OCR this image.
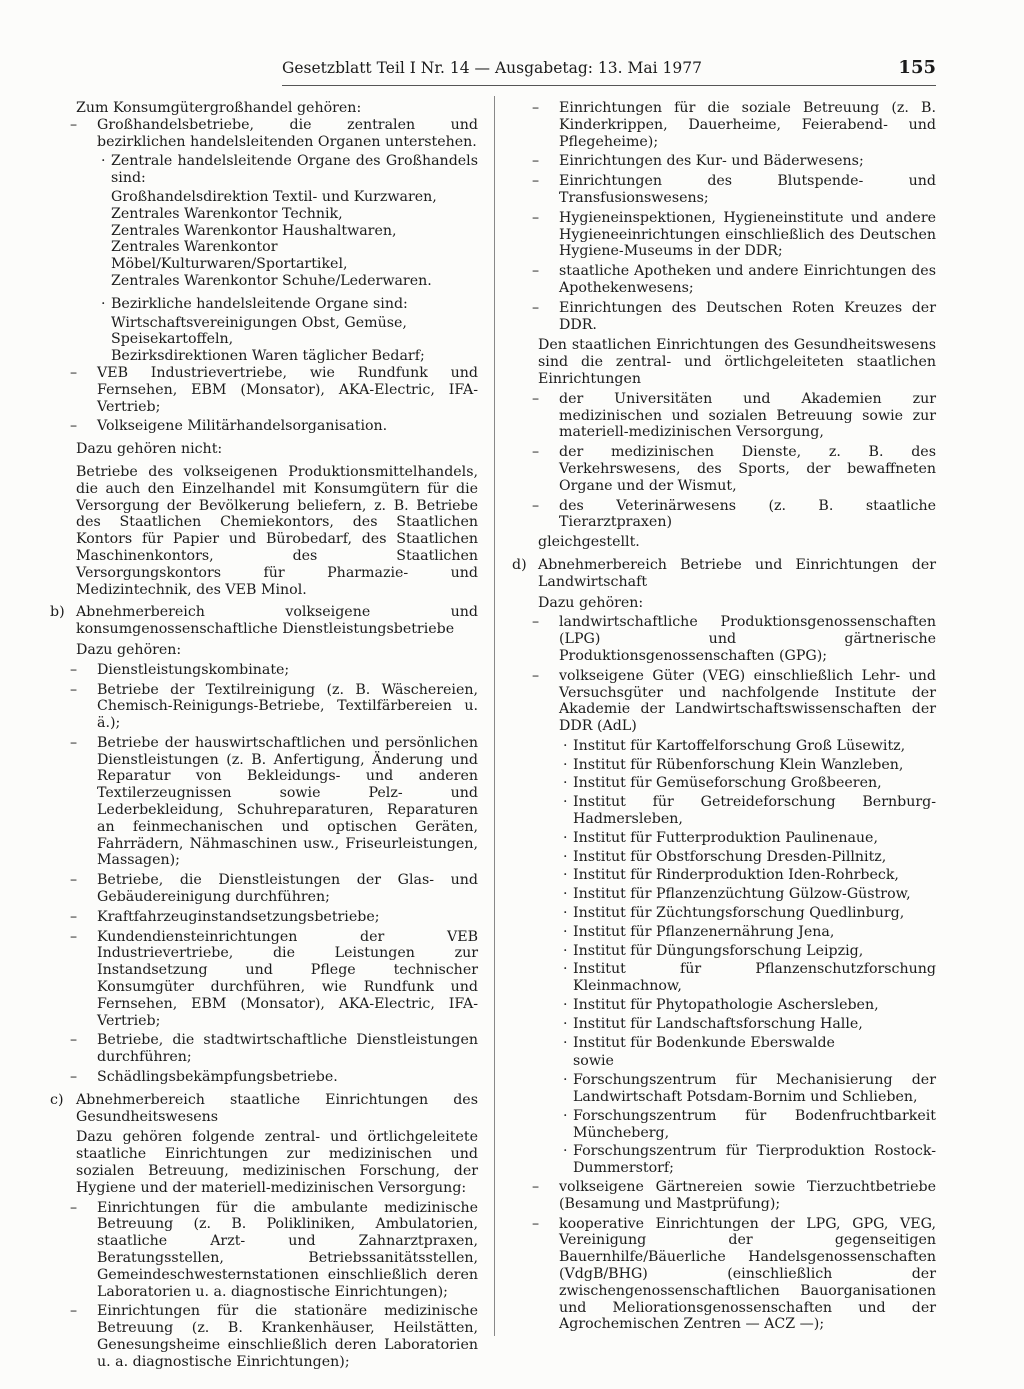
Gesetzblatt Teil I Nr. 14 — Ausgabetag: 13. Mai 1977	155

Zum Konsumgütergroßhandel gehören:

– Großhandelsbetriebe, die zentralen und bezirklichen handelsleitenden Organen unterstehen.

· Zentrale handelsleitende Organe des Großhandels sind:

Großhandelsdirektion Textil- und Kurzwaren,

Zentrales Warenkontor Technik,

Zentrales Warenkontor Haushaltwaren,

Zentrales Warenkontor Möbel/Kulturwaren/Sportartikel,

Zentrales Warenkontor Schuhe/Lederwaren.

· Bezirkliche handelsleitende Organe sind:

Wirtschaftsvereinigungen Obst, Gemüse, Speisekartoffeln,

Bezirksdirektionen Waren täglicher Bedarf;

– VEB Industrievertriebe, wie Rundfunk und Fernsehen, EBM (Monsator), AKA-Electric, IFA-Vertrieb;

– Volkseigene Militärhandelsorganisation.

Dazu gehören nicht:

Betriebe des volkseigenen Produktionsmittelhandels, die auch den Einzelhandel mit Konsumgütern für die Versorgung der Bevölkerung beliefern, z. B. Betriebe des Staatlichen Chemiekontors, des Staatlichen Kontors für Papier und Bürobedarf, des Staatlichen Maschinenkontors, des Staatlichen Versorgungskontors für Pharmazie- und Medizintechnik, des VEB Minol.

b) Abnehmerbereich volkseigene und konsumgenossenschaftliche Dienstleistungsbetriebe

Dazu gehören:

– Dienstleistungskombinate;

– Betriebe der Textilreinigung (z. B. Wäschereien, Chemisch-Reinigungs-Betriebe, Textilfärbereien u. ä.);

– Betriebe der hauswirtschaftlichen und persönlichen Dienstleistungen (z. B. Anfertigung, Änderung und Reparatur von Bekleidungs- und anderen Textilerzeugnissen sowie Pelz- und Lederbekleidung, Schuhreparaturen, Reparaturen an feinmechanischen und optischen Geräten, Fahrrädern, Nähmaschinen usw., Friseurleistungen, Massagen);

– Betriebe, die Dienstleistungen der Glas- und Gebäudereinigung durchführen;

– Kraftfahrzeuginstandsetzungsbetriebe;

– Kundendiensteinrichtungen der VEB Industrievertriebe, die Leistungen zur Instandsetzung und Pflege technischer Konsumgüter durchführen, wie Rundfunk und Fernsehen, EBM (Monsator), AKA-Electric, IFA-Vertrieb;

– Betriebe, die stadtwirtschaftliche Dienstleistungen durchführen;

– Schädlingsbekämpfungsbetriebe.

c) Abnehmerbereich staatliche Einrichtungen des Gesundheitswesens

Dazu gehören folgende zentral- und örtlichgeleitete staatliche Einrichtungen zur medizinischen und sozialen Betreuung, medizinischen Forschung, der Hygiene und der materiell-medizinischen Versorgung:

– Einrichtungen für die ambulante medizinische Betreuung (z. B. Polikliniken, Ambulatorien, staatliche Arzt- und Zahnarztpraxen, Beratungsstellen, Betriebssanitätsstellen, Gemeindeschwesternstationen einschließlich deren Laboratorien u. a. diagnostische Einrichtungen);

– Einrichtungen für die stationäre medizinische Betreuung (z. B. Krankenhäuser, Heilstätten, Genesungsheime einschließlich deren Laboratorien u. a. diagnostische Einrichtungen);

– Einrichtungen für die soziale Betreuung (z. B. Kinderkrippen, Dauerheime, Feierabend- und Pflegeheime);

– Einrichtungen des Kur- und Bäderwesens;

– Einrichtungen des Blutspende- und Transfusionswesens;

– Hygieneinspektionen, Hygieneinstitute und andere Hygieneeinrichtungen einschließlich des Deutschen Hygiene-Museums in der DDR;

– staatliche Apotheken und andere Einrichtungen des Apothekenwesens;

– Einrichtungen des Deutschen Roten Kreuzes der DDR.

Den staatlichen Einrichtungen des Gesundheitswesens sind die zentral- und örtlichgeleiteten staatlichen Einrichtungen

– der Universitäten und Akademien zur medizinischen und sozialen Betreuung sowie zur materiell-medizinischen Versorgung,

– der medizinischen Dienste, z. B. des Verkehrswesens, des Sports, der bewaffneten Organe und der Wismut,

– des Veterinärwesens (z. B. staatliche Tierarztpraxen)

gleichgestellt.

d) Abnehmerbereich Betriebe und Einrichtungen der Landwirtschaft

Dazu gehören:

– landwirtschaftliche Produktionsgenossenschaften (LPG) und gärtnerische Produktionsgenossenschaften (GPG);

– volkseigene Güter (VEG) einschließlich Lehr- und Versuchsgüter und nachfolgende Institute der Akademie der Landwirtschaftswissenschaften der DDR (AdL)

· Institut für Kartoffelforschung Groß Lüsewitz,

· Institut für Rübenforschung Klein Wanzleben,

· Institut für Gemüseforschung Großbeeren,

· Institut für Getreideforschung Bernburg-Hadmersleben,

· Institut für Futterproduktion Paulinenaue,

· Institut für Obstforschung Dresden-Pillnitz,

· Institut für Rinderproduktion Iden-Rohrbeck,

· Institut für Pflanzenzüchtung Gülzow-Güstrow,

· Institut für Züchtungsforschung Quedlinburg,

· Institut für Pflanzenernährung Jena,

· Institut für Düngungsforschung Leipzig,

· Institut für Pflanzenschutzforschung Kleinmachnow,

· Institut für Phytopathologie Aschersleben,

· Institut für Landschaftsforschung Halle,

· Institut für Bodenkunde Eberswalde

sowie

· Forschungszentrum für Mechanisierung der Landwirtschaft Potsdam-Bornim und Schlieben,

· Forschungszentrum für Bodenfruchtbarkeit Müncheberg,

· Forschungszentrum für Tierproduktion Rostock-Dummerstorf;

– volkseigene Gärtnereien sowie Tierzuchtbetriebe (Besamung und Mastprüfung);

– kooperative Einrichtungen der LPG, GPG, VEG, Vereinigung der gegenseitigen Bauernhilfe/Bäuerliche Handelsgenossenschaften (VdgB/BHG) (einschließlich der zwischengenossenschaftlichen Bauorganisationen und Meliorationsgenossenschaften und der Agrochemischen Zentren — ACZ —);
